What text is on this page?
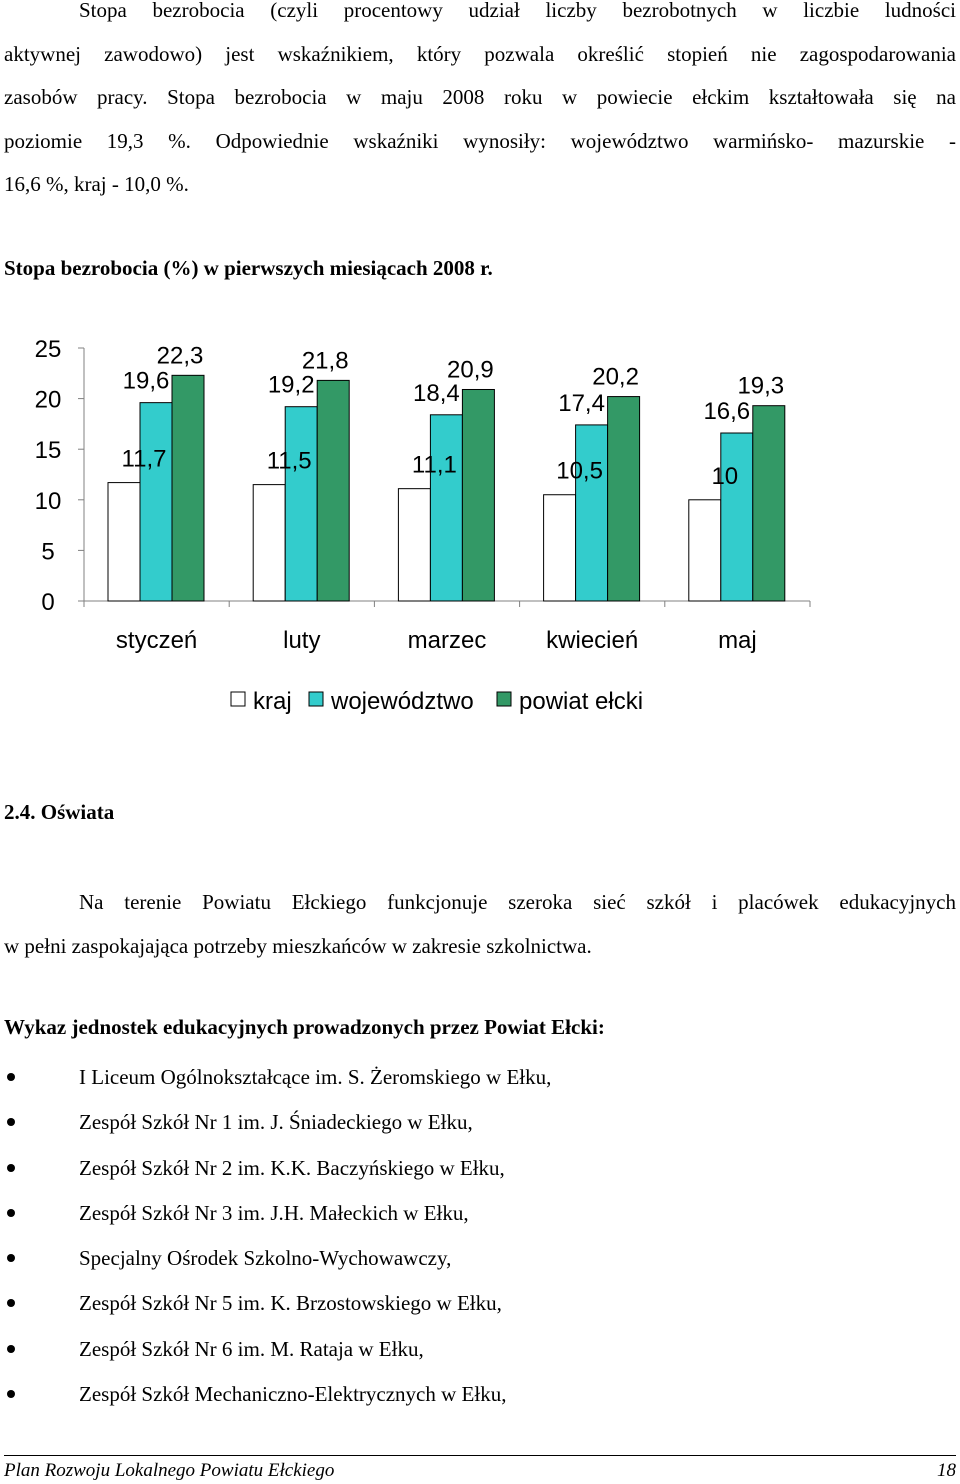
Stopa bezrobocia (czyli procentowy udział liczby bezrobotnych w liczbie ludności
aktywnej zawodowo) jest wskaźnikiem, który pozwala określić stopień nie zagospodarowania
zasobów pracy. Stopa bezrobocia w maju 2008 roku w powiecie ełckim kształtowała się na
poziomie 19,3 %. Odpowiednie wskaźniki wynosiły: województwo warmińsko- mazurskie -
16,6 %, kraj - 10,0 %.
Stopa bezrobocia (%) w pierwszych miesiącach 2008 r.
0
5
10
15
20
25
styczeń	luty	marzec kwiecień	maj
11,7	11,5	11,1	10,5	10
19,6	19,2	18,4	17,4	16,6
22,3	21,8	20,9	20,2	19,3
kraj województwo powiat ełcki
2.4. Oświata
Na terenie Powiatu Ełckiego funkcjonuje szeroka sieć szkół i placówek edukacyjnych
w pełni zaspokajająca potrzeby mieszkańców w zakresie szkolnictwa.
Wykaz jednostek edukacyjnych prowadzonych przez Powiat Ełcki:
I Liceum Ogólnokształcące im. S. Żeromskiego w Ełku,
Zespół Szkół Nr 1 im. J. Śniadeckiego w Ełku,
Zespół Szkół Nr 2 im. K.K. Baczyńskiego w Ełku,
Zespół Szkół Nr 3 im. J.H. Małeckich w Ełku,
Specjalny Ośrodek Szkolno-Wychowawczy,
Zespół Szkół Nr 5 im. K. Brzostowskiego w Ełku,
Zespół Szkół Nr 6 im. M. Rataja w Ełku,
Zespół Szkół Mechaniczno-Elektrycznych w Ełku,
Plan Rozwoju Lokalnego Powiatu Ełckiego	18
